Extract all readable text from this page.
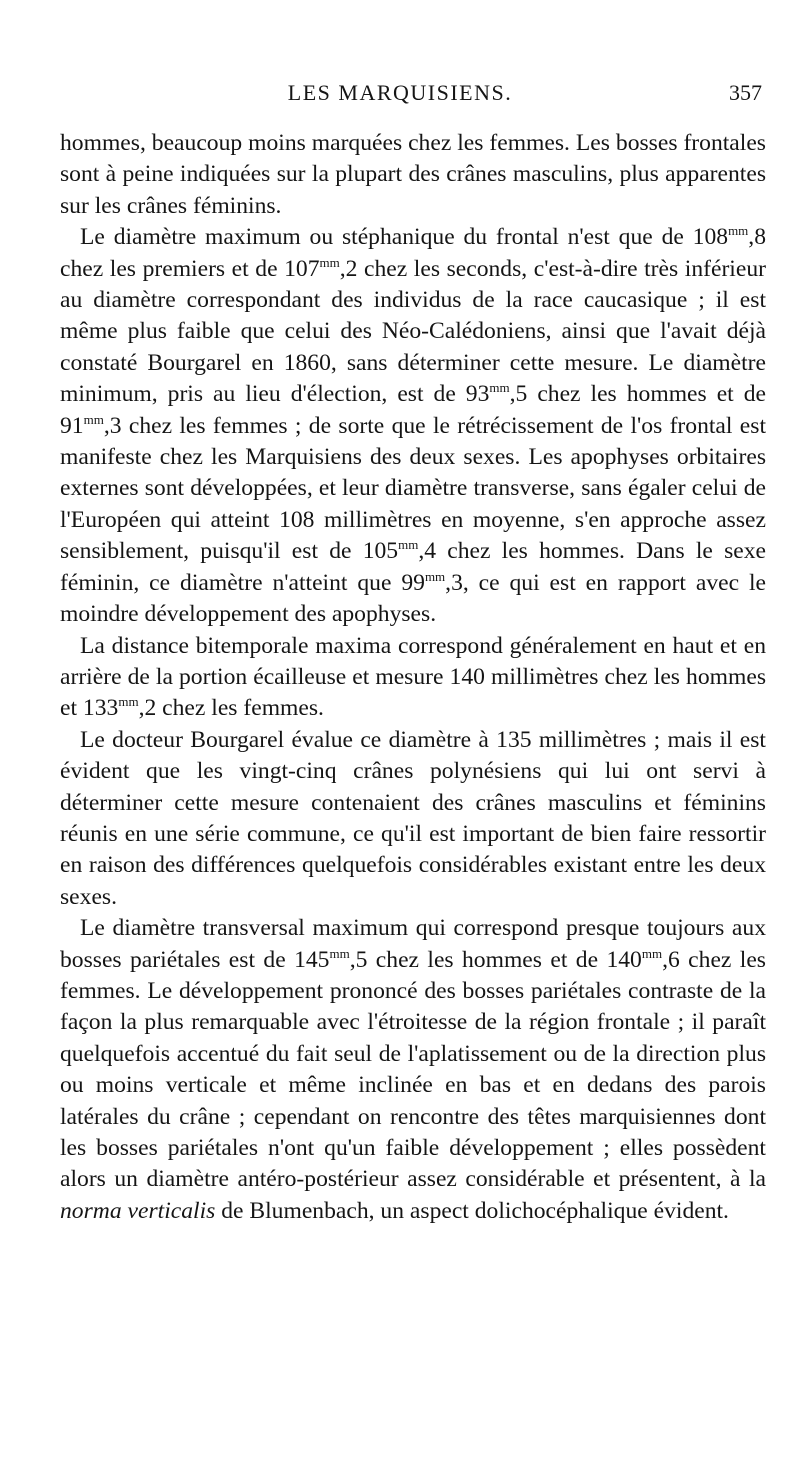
LES MARQUISIENS.	357

hommes, beaucoup moins marquées chez les femmes. Les bosses frontales sont à peine indiquées sur la plupart des crânes masculins, plus apparentes sur les crânes féminins.

Le diamètre maximum ou stéphanique du frontal n'est que de $108^{mm},8$ chez les premiers et de $107^{mm},2$ chez les seconds, c'est-à-dire très inférieur au diamètre correspondant des individus de la race caucasique ; il est même plus faible que celui des Néo-Calédoniens, ainsi que l'avait déjà constaté Bourgarel en 1860, sans déterminer cette mesure. Le diamètre minimum, pris au lieu d'élection, est de $93^{mm},5$ chez les hommes et de $91^{mm},3$ chez les femmes ; de sorte que le rétrécissement de l'os frontal est manifeste chez les Marquisiens des deux sexes. Les apophyses orbitaires externes sont développées, et leur diamètre transverse, sans égaler celui de l'Européen qui atteint 108 millimètres en moyenne, s'en approche assez sensiblement, puisqu'il est de $105^{mm},4$ chez les hommes. Dans le sexe féminin, ce diamètre n'atteint que $99^{mm},3$, ce qui est en rapport avec le moindre développement des apophyses.

La distance bitemporale maxima correspond généralement en haut et en arrière de la portion écailleuse et mesure 140 millimètres chez les hommes et $133^{mm},2$ chez les femmes.

Le docteur Bourgarel évalue ce diamètre à 135 millimètres ; mais il est évident que les vingt-cinq crânes polynésiens qui lui ont servi à déterminer cette mesure contenaient des crânes masculins et féminins réunis en une série commune, ce qu'il est important de bien faire ressortir en raison des différences quelquefois considérables existant entre les deux sexes.

Le diamètre transversal maximum qui correspond presque toujours aux bosses pariétales est de $145^{mm},5$ chez les hommes et de $140^{mm},6$ chez les femmes. Le développement prononcé des bosses pariétales contraste de la façon la plus remarquable avec l'étroitesse de la région frontale ; il paraît quelquefois accentué du fait seul de l'aplatissement ou de la direction plus ou moins verticale et même inclinée en bas et en dedans des parois latérales du crâne ; cependant on rencontre des têtes marquisiennes dont les bosses pariétales n'ont qu'un faible développement ; elles possèdent alors un diamètre antéro-postérieur assez considérable et présentent, à la norma verticalis de Blumenbach, un aspect dolichocéphalique évident.
